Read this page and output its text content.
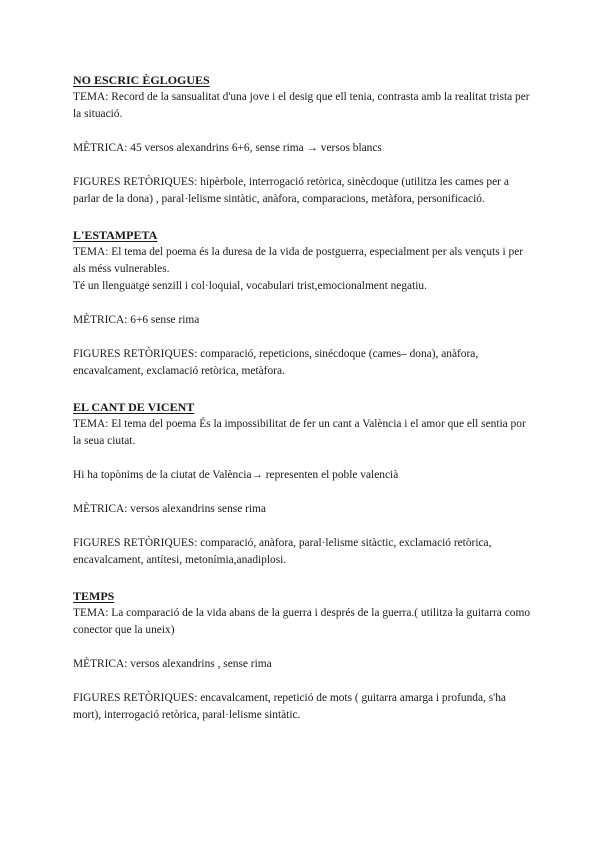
NO ESCRIC ÈGLOGUES

TEMA: Record de la sansualitat d'una jove i el desig que ell tenia, contrasta amb la realitat trista per la situació.

MÈTRICA: 45 versos alexandrins 6+6, sense rima → versos blancs

FIGURES RETÒRIQUES: hipèrbole, interrogació retòrica, sinècdoque (utilitza les cames per a parlar de la dona) , paral·lelisme sintàtic, anàfora, comparacions, metàfora, personificació.

L'ESTAMPETA

TEMA: El tema del poema és la duresa de la vida de postguerra, especialment per als vençuts i per als méss vulnerables.
Té un llenguatge senzill i col·loquial, vocabulari trist,emocionalment negatiu.

MÈTRICA: 6+6 sense rima

FIGURES RETÒRIQUES: comparació, repeticions, sinécdoque (cames– dona), anàfora, encavalcament, exclamació retòrica, metàfora.

EL CANT DE VICENT

TEMA: El tema del poema És la impossibilitat de fer un cant a València i el amor que ell sentia por la seua ciutat.

Hi ha topònims de la ciutat de València→ representen el poble valencià

MÈTRICA: versos alexandrins sense rima

FIGURES RETÒRIQUES: comparació, anàfora, paral·lelisme sitàctic, exclamació retòrica, encavalcament, antítesi, metonímia,anadiplosi.

TEMPS

TEMA: La comparació de la vida abans de la guerra i després de la guerra.( utilitza la guitarra como conector que la uneix)

MÈTRICA: versos alexandrins , sense rima

FIGURES RETÒRIQUES: encavalcament, repetició de mots ( guitarra amarga i profunda, s'ha mort), interrogació retòrica, paral·lelisme sintàtic.
